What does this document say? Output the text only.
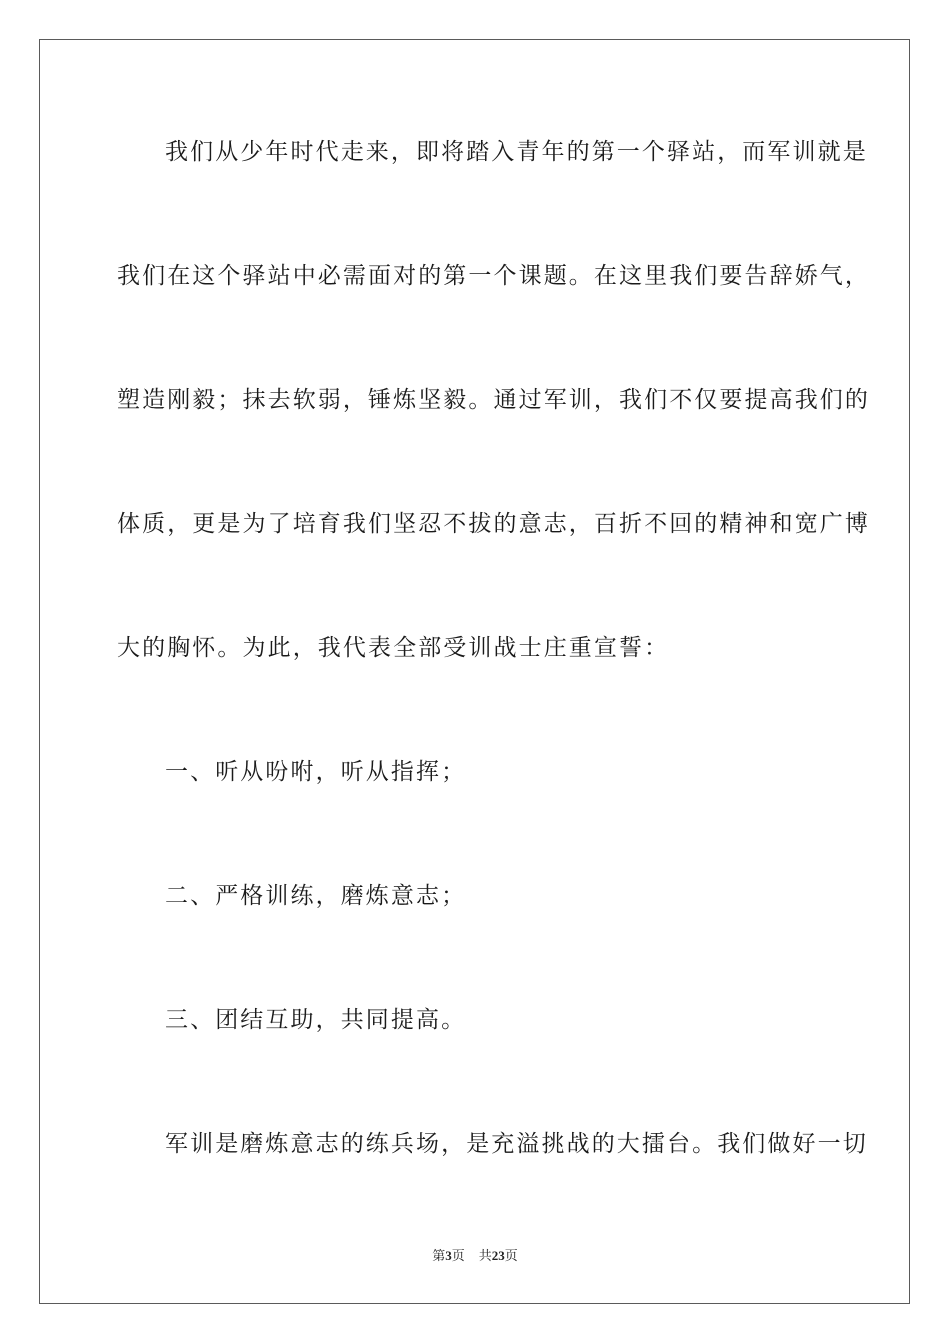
我们从少年时代走来，即将踏入青年的第一个驿站，而军训就是
我们在这个驿站中必需面对的第一个课题。在这里我们要告辞娇气，
塑造刚毅；抹去软弱，锤炼坚毅。通过军训，我们不仅要提高我们的
体质，更是为了培育我们坚忍不拔的意志，百折不回的精神和宽广博
大的胸怀。为此，我代表全部受训战士庄重宣誓：
一、听从吩咐，听从指挥；
二、严格训练，磨炼意志；
三、团结互助，共同提高。
军训是磨炼意志的练兵场，是充溢挑战的大擂台。我们做好一切
第3页 共23页
